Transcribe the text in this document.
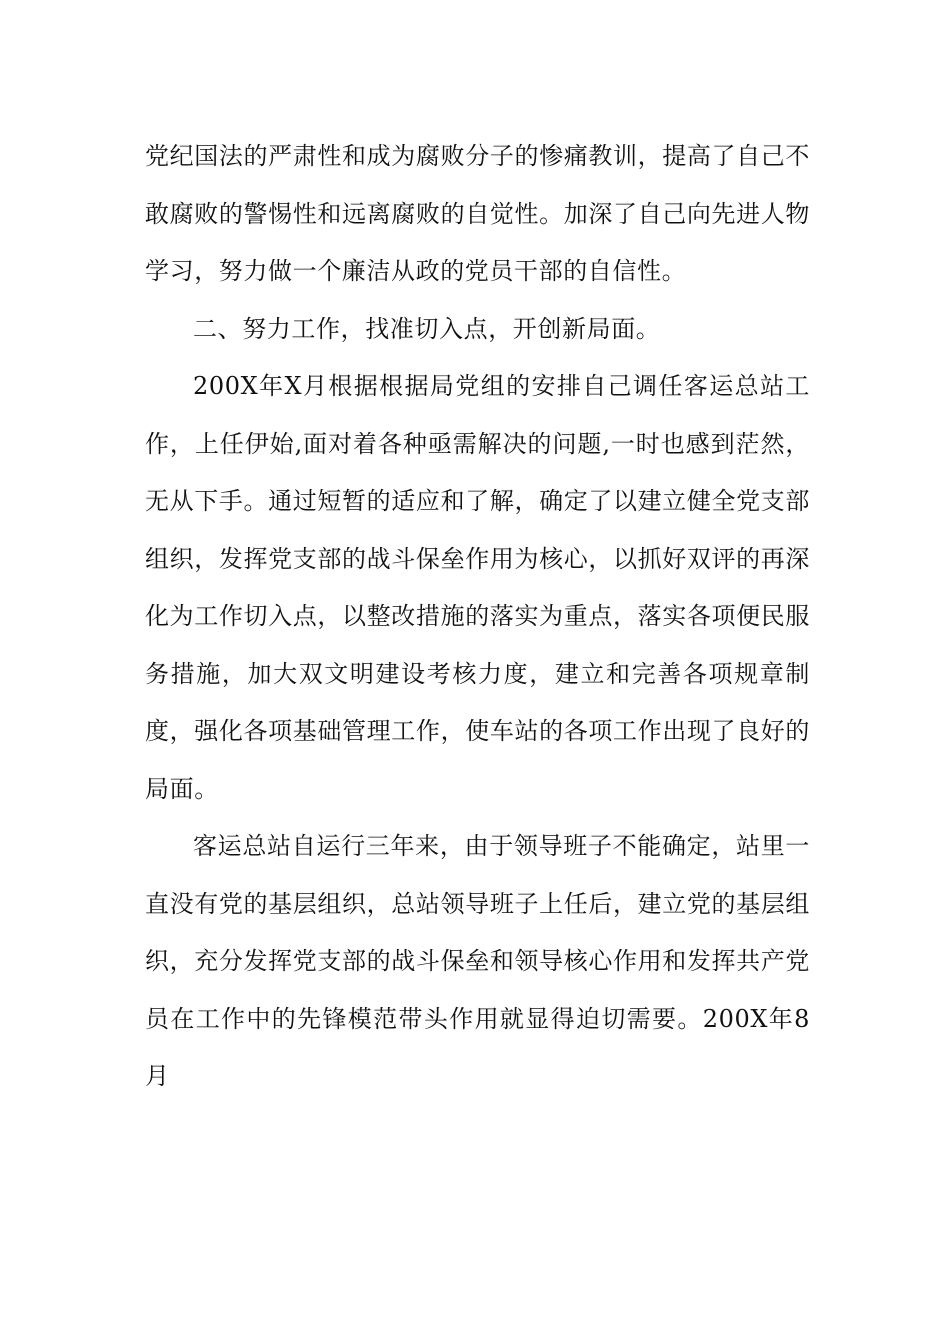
党纪国法的严肃性和成为腐败分子的惨痛教训，提高了自己不敢腐败的警惕性和远离腐败的自觉性。加深了自己向先进人物学习，努力做一个廉洁从政的党员干部的自信性。

二、努力工作，找准切入点，开创新局面。

200X年X月根据根据局党组的安排自己调任客运总站工作，上任伊始,面对着各种亟需解决的问题,一时也感到茫然，无从下手。通过短暂的适应和了解，确定了以建立健全党支部组织，发挥党支部的战斗保垒作用为核心，以抓好双评的再深化为工作切入点，以整改措施的落实为重点，落实各项便民服务措施，加大双文明建设考核力度，建立和完善各项规章制度，强化各项基础管理工作，使车站的各项工作出现了良好的局面。

客运总站自运行三年来，由于领导班子不能确定，站里一直没有党的基层组织，总站领导班子上任后，建立党的基层组织，充分发挥党支部的战斗保垒和领导核心作用和发挥共产党员在工作中的先锋模范带头作用就显得迫切需要。200X年8月
